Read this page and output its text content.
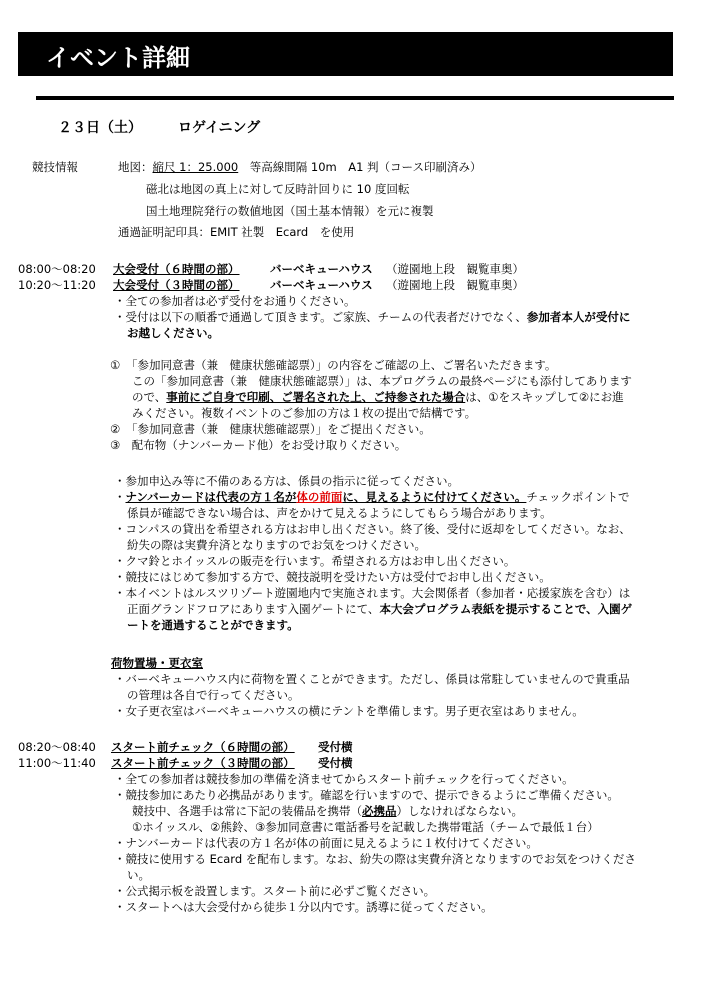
イベント詳細
２３日（土）	ロゲイニング
競技情報	地図：縮尺 1：25.000　等高線間隔 10m　A1 判（コース印刷済み）
磁北は地図の真上に対して反時計回りに 10 度回転
国土地理院発行の数値地図（国土基本情報）を元に複製
通過証明記印具：EMIT 社製　Ecard　を使用
08:00～08:20 大会受付（６時間の部）	バーベキューハウス （遊園地上段　観覧車奥）
10:20～11:20 大会受付（３時間の部）	バーベキューハウス （遊園地上段　観覧車奥）
・全ての参加者は必ず受付をお通りください。
・受付は以下の順番で通過して頂きます。ご家族、チームの代表者だけでなく、参加者本人が受付に
お越しください。
①　「参加同意書（兼　健康状態確認票）」の内容をご確認の上、ご署名いただきます。
この「参加同意書（兼　健康状態確認票）」は、本プログラムの最終ページにも添付してあります
ので、事前にご自身で印刷、ご署名された上、ご持参された場合は、①をスキップして②にお進
みください。複数イベントのご参加の方は１枚の提出で結構です。
②　「参加同意書（兼　健康状態確認票）」をご提出ください。
③　配布物（ナンバーカード他）をお受け取りください。
・参加申込み等に不備のある方は、係員の指示に従ってください。
・ナンバーカードは代表の方１名が体の前面に、見えるように付けてください。チェックポイントで
係員が確認できない場合は、声をかけて見えるようにしてもらう場合があります。
・コンパスの貸出を希望される方はお申し出ください。終了後、受付に返却をしてください。なお、
紛失の際は実費弁済となりますのでお気をつけください。
・クマ鈴とホイッスルの販売を行います。希望される方はお申し出ください。
・競技にはじめて参加する方で、競技説明を受けたい方は受付でお申し出ください。
・本イベントはルスツリゾート遊園地内で実施されます。大会関係者（参加者・応援家族を含む）は
正面グランドフロアにあります入園ゲートにて、本大会プログラム表紙を提示することで、入園ゲ
ートを通過することができます。
荷物置場・更衣室
・バーベキューハウス内に荷物を置くことができます。ただし、係員は常駐していませんので貴重品
の管理は各自で行ってください。
・女子更衣室はバーベキューハウスの横にテントを準備します。男子更衣室はありません。
08:20～08:40 スタート前チェック（６時間の部） 受付横
11:00～11:40 スタート前チェック（３時間の部） 受付横
・全ての参加者は競技参加の準備を済ませてからスタート前チェックを行ってください。
・競技参加にあたり必携品があります。確認を行いますので、提示できるようにご準備ください。
競技中、各選手は常に下記の装備品を携帯（必携品）しなければならない。
①ホイッスル、②熊鈴、③参加同意書に電話番号を記載した携帯電話（チームで最低１台）
・ナンバーカードは代表の方１名が体の前面に見えるように１枚付けてください。
・競技に使用する Ecard を配布します。なお、紛失の際は実費弁済となりますのでお気をつけくださ
い。
・公式掲示板を設置します。スタート前に必ずご覧ください。
・スタートへは大会受付から徒歩１分以内です。誘導に従ってください。
